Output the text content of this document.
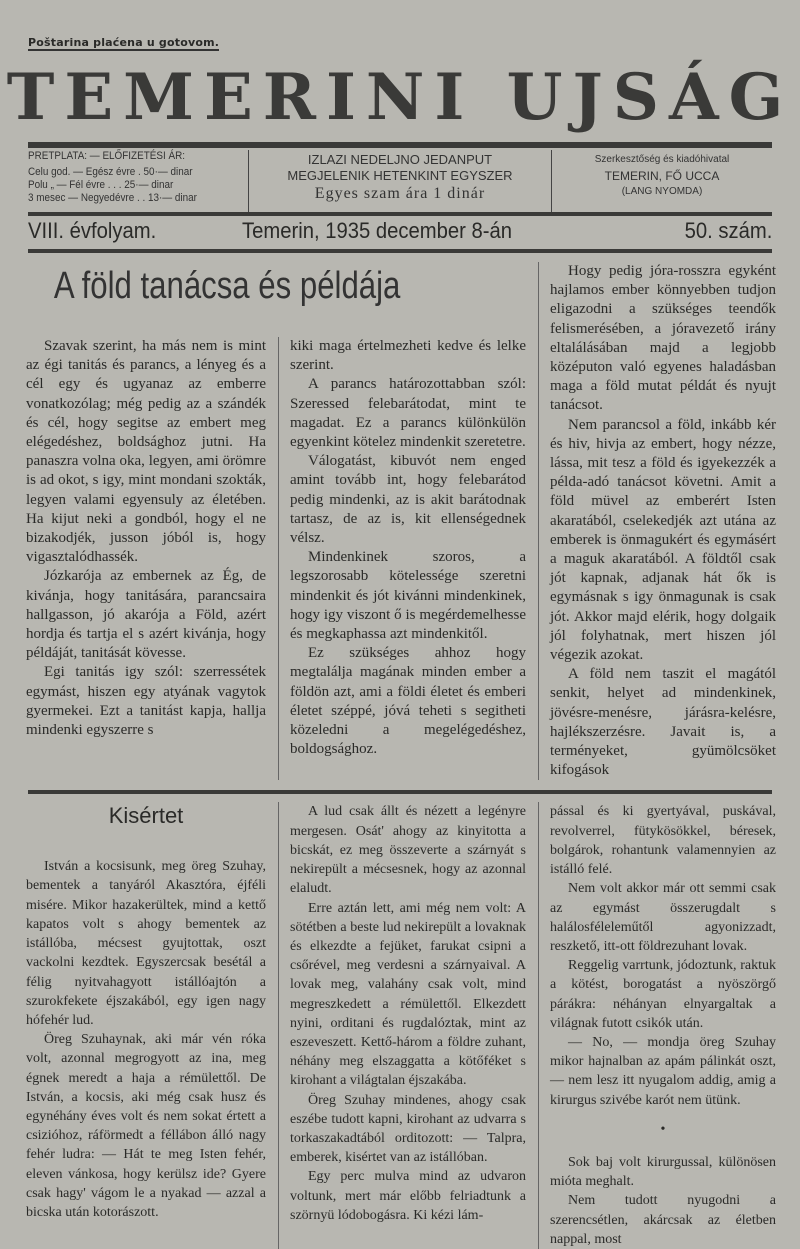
Poštarina plaćena u gotovom.
TEMERINI UJSÁG
PRETPLATA: — ELŐFIZETÉSI ÁR:
Celu god. — Egész évre . 50·— dinar
Polu „ — Fél évre . . . 25·— dinar
3 mesec — Negyedévre . . 13·— dinar
IZLAZI NEDELJNO JEDANPUT
MEGJELENIK HETENKINT EGYSZER
Egyes szam ára 1 dinár
Szerkesztőség és kiadóhivatal
TEMERIN, FŐ UCCA
(LANG NYOMDA)
VIII. évfolyam.	Temerin, 1935 december 8-án	50. szám.
A föld tanácsa és példája

Szavak szerint, ha más nem is mint az égi tanitás és parancs, a lényeg és a cél egy és ugyanaz az emberre vonatkozólag; még pedig az a szándék és cél, hogy segitse az embert meg elégedéshez, boldsághoz jutni. Ha panaszra volna oka, legyen, ami örömre is ad okot, s igy, mint mondani szokták, legyen valami egyensuly az életében. Ha kijut neki a gondból, hogy el ne bizakodjék, jusson jóból is, hogy vigasztalódhassék.

Józkarója az embernek az Ég, de kivánja, hogy tanitására, parancsaira hallgasson, jó akarója a Föld, azért hordja és tartja el s azért kivánja, hogy példáját, tanitását kövesse.

Egi tanitás igy szól: szerressétek egymást, hiszen egy atyának vagytok gyermekei. Ezt a tanitást kapja, hallja mindenki egyszerre s

kiki maga értelmezheti kedve és lelke szerint.

A parancs határozottabban szól: Szeressed felebarátodat, mint te magadat. Ez a parancs különkülön egyenkint kötelez mindenkit szeretetre.

Válogatást, kibuvót nem enged amint tovább int, hogy felebarátod pedig mindenki, az is akit barátodnak tartasz, de az is, kit ellenségednek vélsz.

Mindenkinek szoros, a legszorosabb kötelessége szeretni mindenkit és jót kivánni mindenkinek, hogy igy viszont ő is megérdemelhesse és megkaphassa azt mindenkitől.

Ez szükséges ahhoz hogy megtalálja magának minden ember a földön azt, ami a földi életet és emberi életet széppé, jóvá teheti s segitheti közeledni a megelégedéshez, boldogsághoz.

Hogy pedig jóra-rosszra egyként hajlamos ember könnyebben tudjon eligazodni a szükséges teendők felismerésében, a jóravezető irány eltalálásában majd a legjobb középuton való egyenes haladásban maga a föld mutat példát és nyujt tanácsot.

Nem parancsol a föld, inkább kér és hiv, hivja az embert, hogy nézze, lássa, mit tesz a föld és igyekezzék a példa-adó tanácsot követni. Amit a föld müvel az emberért Isten akaratából, cselekedjék azt utána az emberek is önmagukért és egymásért a maguk akaratából. A földtől csak jót kapnak, adjanak hát ők is egymásnak s igy önmagunak is csak jót. Akkor majd elérik, hogy dolgaik jól folyhatnak, mert hiszen jól végezik azokat.

A föld nem taszit el magától senkit, helyet ad mindenkinek, jövésre-menésre, járásra-kelésre, hajlékszerzésre. Javait is, a terményeket, gyümölcsöket kifogások

Kisértet

István a kocsisunk, meg öreg Szuhay, bementek a tanyáról Akasztóra, éjféli misére. Mikor hazakerültek, mind a kettő kapatos volt s ahogy bementek az istállóba, mécsest gyujtottak, oszt vackolni kezdtek. Egyszercsak besétál a félig nyitvahagyott istállóajtón a szurokfekete éjszakából, egy igen nagy hófehér lud.

Öreg Szuhaynak, aki már vén róka volt, azonnal megrogyott az ina, meg égnek meredt a haja a rémülettől. De István, a kocsis, aki még csak husz és egynéhány éves volt és nem sokat értett a csizióhoz, ráförmedt a féllábon álló nagy fehér ludra: — Hát te meg Isten fehér, eleven vánkosa, hogy kerülsz ide? Gyere csak hagy' vágom le a nyakad — azzal a bicska után kotorászott.

A lud csak állt és nézett a legényre mergesen. Osát' ahogy az kinyitotta a bicskát, ez meg összeverte a szárnyát s nekirepült a mécsesnek, hogy az azonnal elaludt.

Erre aztán lett, ami még nem volt: A sötétben a beste lud nekirepült a lovaknak és elkezdte a fejüket, farukat csipni a csőrével, meg verdesni a szárnyaival. A lovak meg, valahány csak volt, mind megreszkedett a rémülettől. Elkezdett nyini, orditani és rugdalóztak, mint az eszeveszett. Kettő-három a földre zuhant, néhány meg elszaggatta a kötőféket s kirohant a világtalan éjszakába.

Öreg Szuhay mindenes, ahogy csak eszébe tudott kapni, kirohant az udvarra s torkaszakadtából orditozott: — Talpra, emberek, kisértet van az istállóban.

Egy perc mulva mind az udvaron voltunk, mert már előbb felriadtunk a szörnyü lódobogásra. Ki kézi lám-

pással és ki gyertyával, puskával, revolverrel, fütykösökkel, béresek, bolgárok, rohantunk valamennyien az istálló felé.

Nem volt akkor már ott semmi csak az egymást összerugdalt s halálosféleleműtől agyonizzadt, reszkető, itt-ott földrezuhant lovak.

Reggelig varrtunk, jódoztunk, raktuk a kötést, borogatást a nyöszörgő párákra: néhányan elnyargaltak a világnak futott csikók után.

— No, — mondja öreg Szuhay mikor hajnalban az apám pálinkát oszt, — nem lesz itt nyugalom addig, amig a kirurgus szivébe karót nem ütünk.

•

Sok baj volt kirurgussal, különösen mióta meghalt.

Nem tudott nyugodni a szerencsétlen, akárcsak az életben nappal, most
